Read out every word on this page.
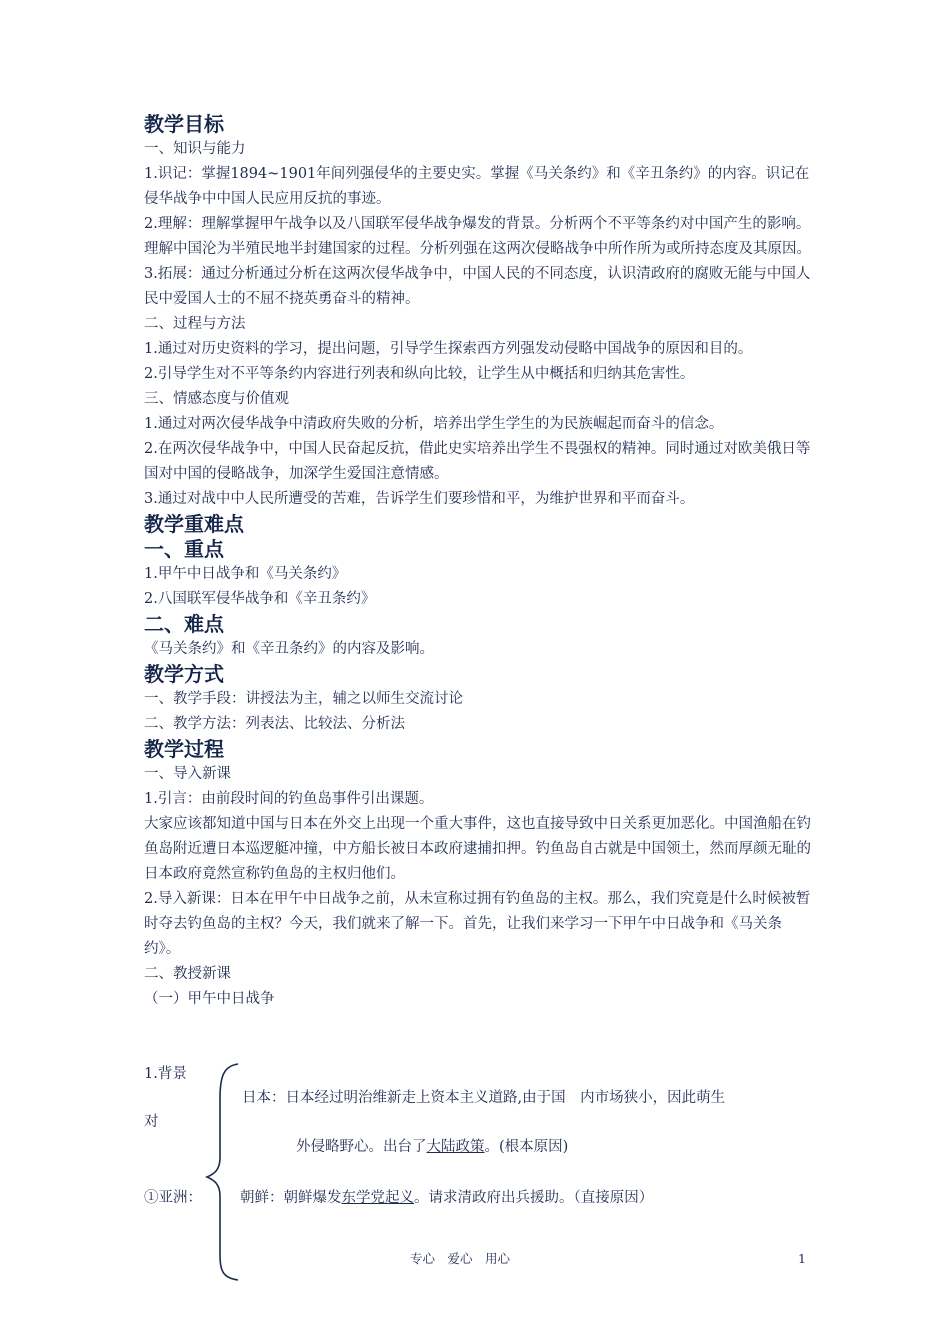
教学目标
一、知识与能力
1.识记：掌握1894~1901年间列强侵华的主要史实。掌握《马关条约》和《辛丑条约》的内容。识记在侵华战争中中国人民应用反抗的事迹。
2.理解：理解掌握甲午战争以及八国联军侵华战争爆发的背景。分析两个不平等条约对中国产生的影响。理解中国沦为半殖民地半封建国家的过程。分析列强在这两次侵略战争中所作所为或所持态度及其原因。
3.拓展：通过分析通过分析在这两次侵华战争中，中国人民的不同态度，认识清政府的腐败无能与中国人民中爱国人士的不屈不挠英勇奋斗的精神。
二、过程与方法
1.通过对历史资料的学习，提出问题，引导学生探索西方列强发动侵略中国战争的原因和目的。
2.引导学生对不平等条约内容进行列表和纵向比较，让学生从中概括和归纳其危害性。
三、情感态度与价值观
1.通过对两次侵华战争中清政府失败的分析，培养出学生学生的为民族崛起而奋斗的信念。
2.在两次侵华战争中，中国人民奋起反抗，借此史实培养出学生不畏强权的精神。同时通过对欧美俄日等国对中国的侵略战争，加深学生爱国注意情感。
3.通过对战中中人民所遭受的苦难，告诉学生们要珍惜和平，为维护世界和平而奋斗。
教学重难点
一、重点
1.甲午中日战争和《马关条约》
2.八国联军侵华战争和《辛丑条约》
二、难点
《马关条约》和《辛丑条约》的内容及影响。
教学方式
一、教学手段：讲授法为主，辅之以师生交流讨论
二、教学方法：列表法、比较法、分析法
教学过程
一、导入新课
1.引言：由前段时间的钓鱼岛事件引出课题。
大家应该都知道中国与日本在外交上出现一个重大事件，这也直接导致中日关系更加恶化。中国渔船在钓鱼岛附近遭日本巡逻艇冲撞，中方船长被日本政府逮捕扣押。钓鱼岛自古就是中国领土，然而厚颜无耻的日本政府竟然宣称钓鱼岛的主权归他们。
2.导入新课：日本在甲午中日战争之前，从未宣称过拥有钓鱼岛的主权。那么，我们究竟是什么时候被暂时夺去钓鱼岛的主权？今天，我们就来了解一下。首先，让我们来学习一下甲午中日战争和《马关条约》。
二、教授新课
（一）甲午中日战争
1.背景
日本：日本经过明治维新走上资本主义道路,由于国　内市场狭小，因此萌生
对
外侵略野心。出台了大陆政策。(根本原因)
①亚洲：	朝鲜：朝鲜爆发东学党起义。请求清政府出兵援助。（直接原因）
专心　爱心　用心	1
